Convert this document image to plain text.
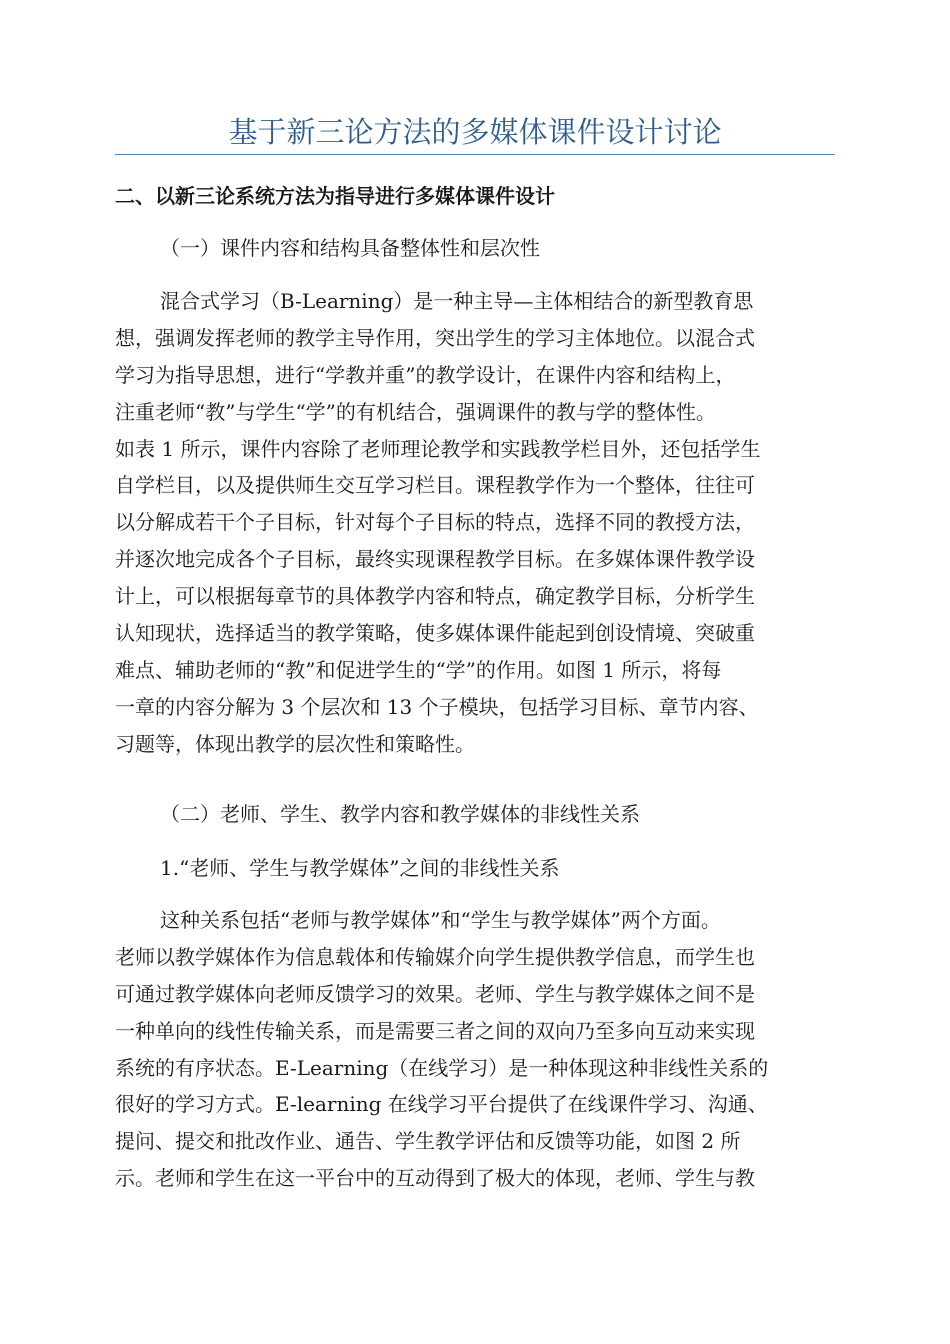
基于新三论方法的多媒体课件设计讨论
二、以新三论系统方法为指导进行多媒体课件设计
（一）课件内容和结构具备整体性和层次性
混合式学习（B-Learning）是一种主导—主体相结合的新型教育思
想，强调发挥老师的教学主导作用，突出学生的学习主体地位。以混合式
学习为指导思想，进行“学教并重”的教学设计，在课件内容和结构上，
注重老师“教”与学生“学”的有机结合，强调课件的教与学的整体性。
如表 1 所示，课件内容除了老师理论教学和实践教学栏目外，还包括学生
自学栏目，以及提供师生交互学习栏目。课程教学作为一个整体，往往可
以分解成若干个子目标，针对每个子目标的特点，选择不同的教授方法，
并逐次地完成各个子目标，最终实现课程教学目标。在多媒体课件教学设
计上，可以根据每章节的具体教学内容和特点，确定教学目标，分析学生
认知现状，选择适当的教学策略，使多媒体课件能起到创设情境、突破重
难点、辅助老师的“教”和促进学生的“学”的作用。如图 1 所示，将每
一章的内容分解为 3 个层次和 13 个子模块，包括学习目标、章节内容、
习题等，体现出教学的层次性和策略性。
（二）老师、学生、教学内容和教学媒体的非线性关系
1.“老师、学生与教学媒体”之间的非线性关系
这种关系包括“老师与教学媒体”和“学生与教学媒体”两个方面。
老师以教学媒体作为信息载体和传输媒介向学生提供教学信息，而学生也
可通过教学媒体向老师反馈学习的效果。老师、学生与教学媒体之间不是
一种单向的线性传输关系，而是需要三者之间的双向乃至多向互动来实现
系统的有序状态。E-Learning（在线学习）是一种体现这种非线性关系的
很好的学习方式。E-learning 在线学习平台提供了在线课件学习、沟通、
提问、提交和批改作业、通告、学生教学评估和反馈等功能，如图 2 所
示。老师和学生在这一平台中的互动得到了极大的体现，老师、学生与教
